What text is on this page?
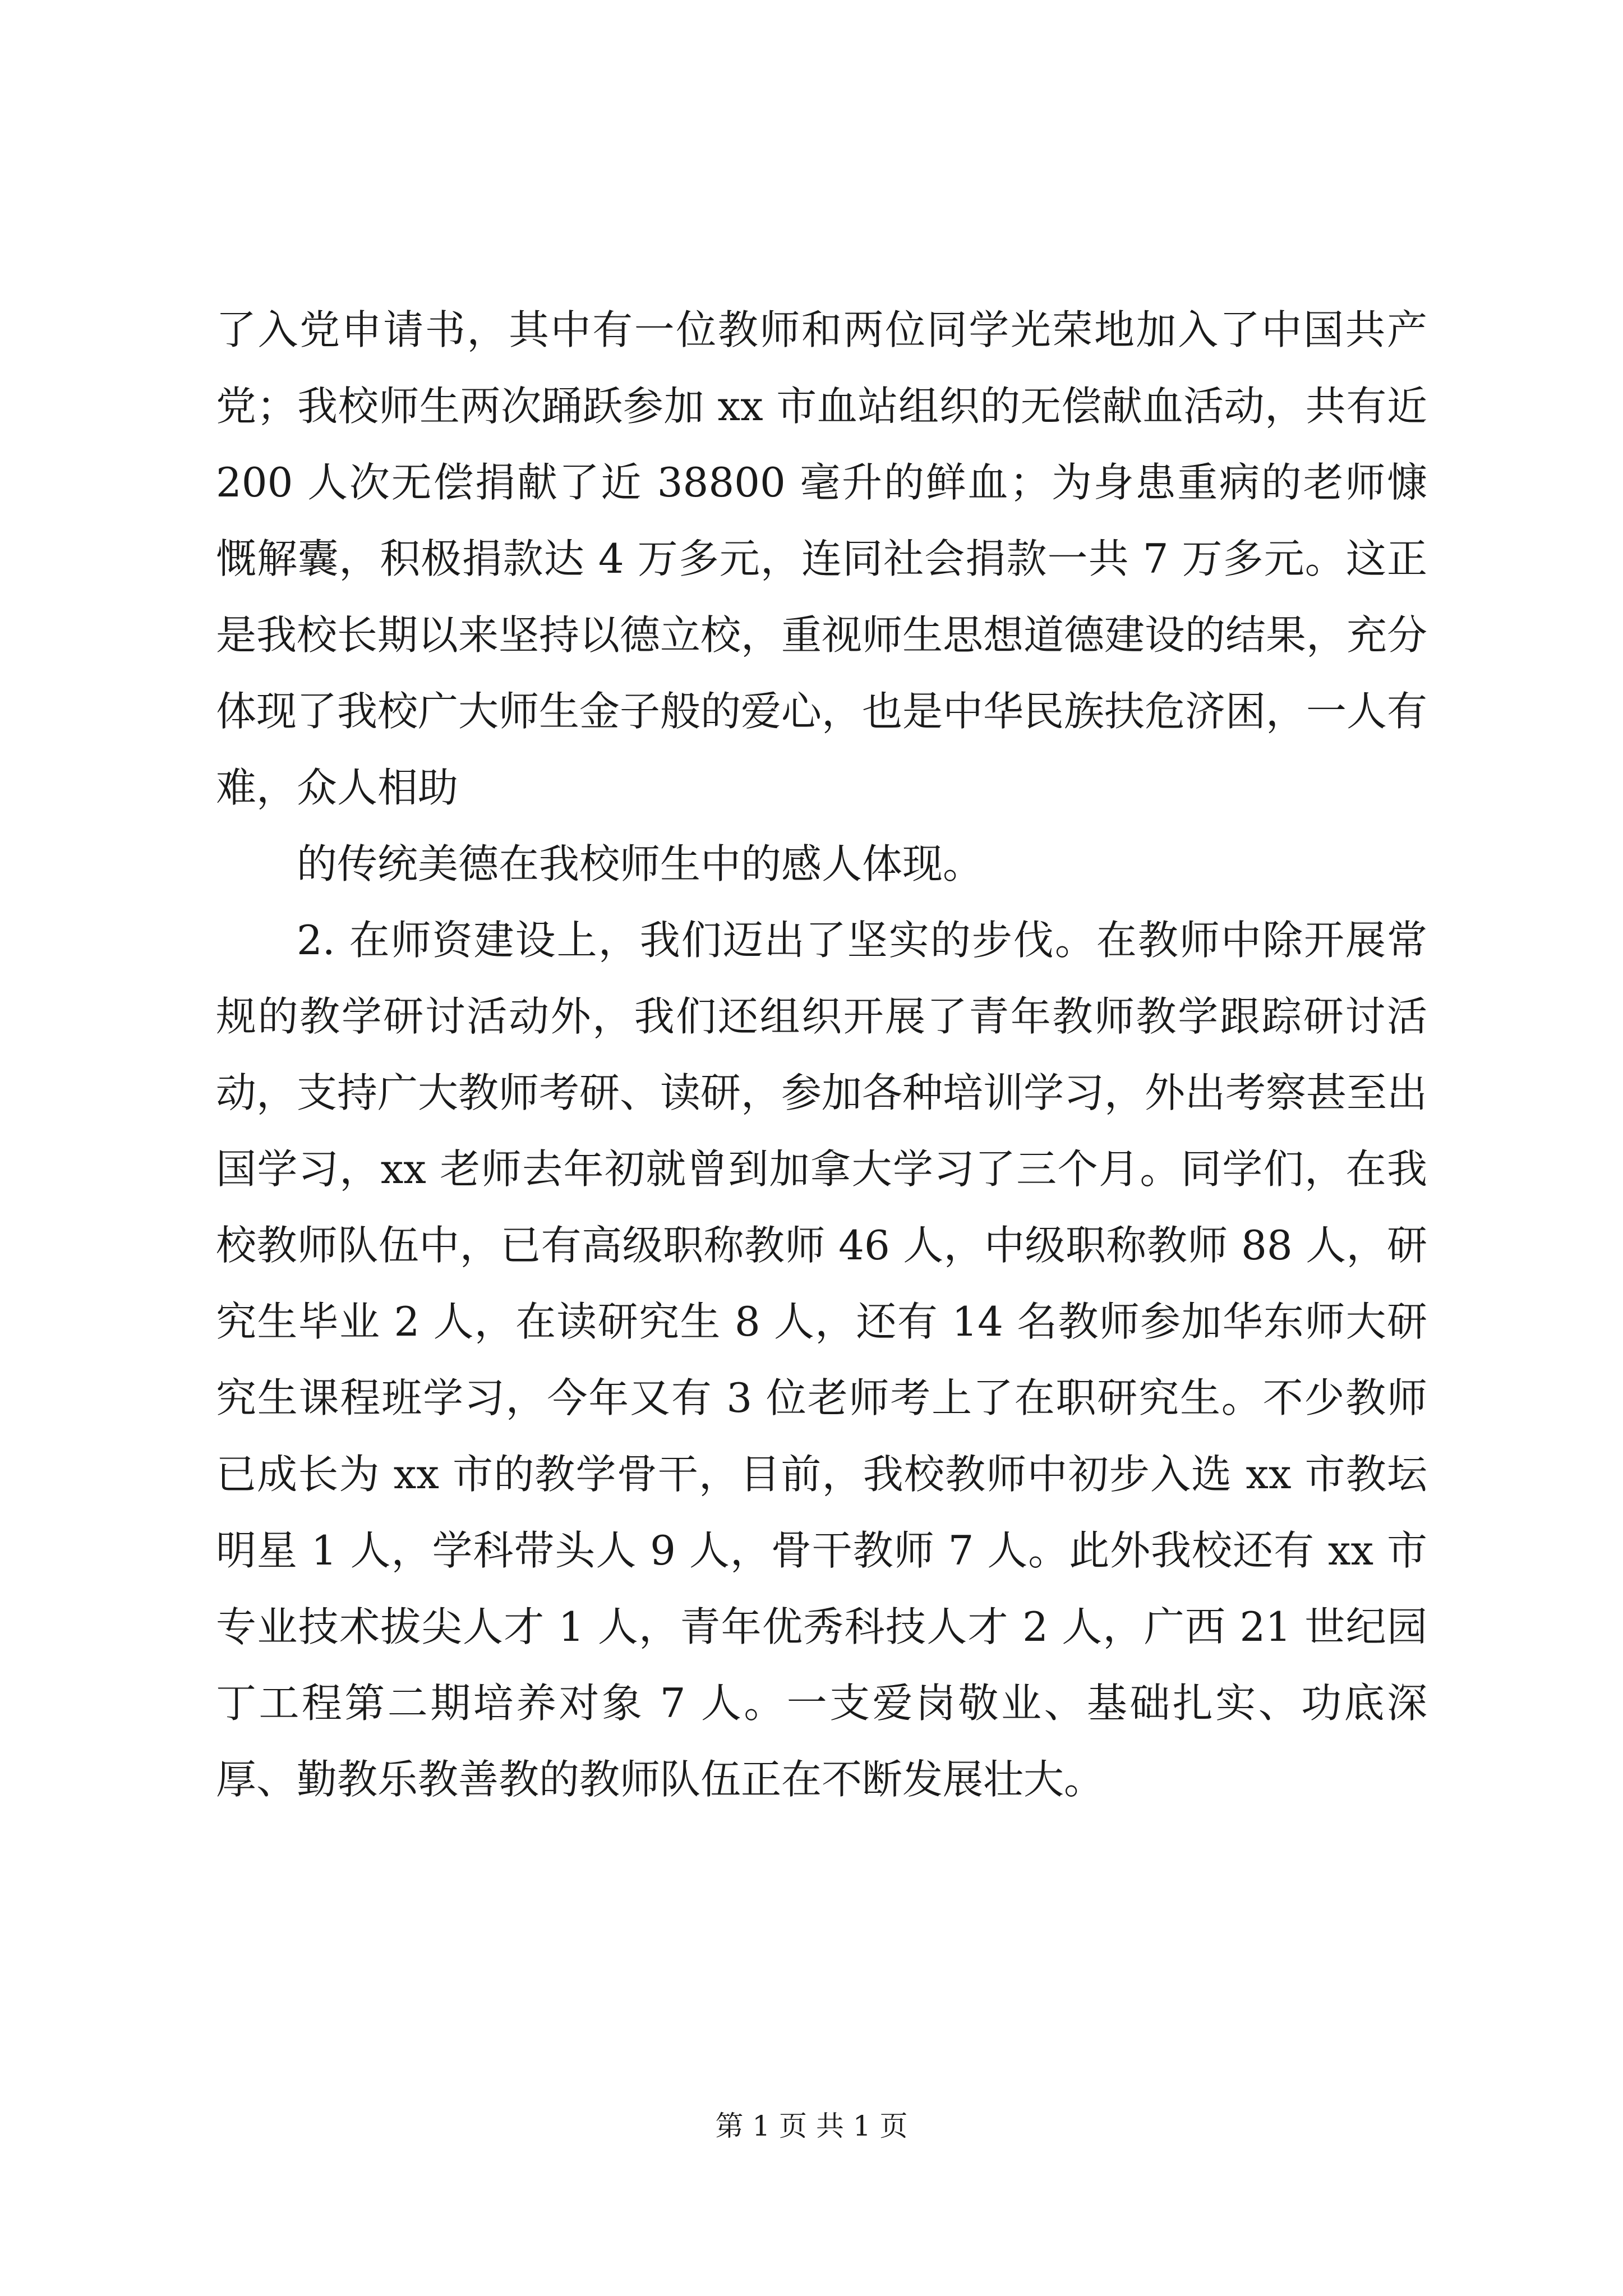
了入党申请书，其中有一位教师和两位同学光荣地加入了中国共产党；我校师生两次踊跃参加 xx 市血站组织的无偿献血活动，共有近 200 人次无偿捐献了近 38800 毫升的鲜血；为身患重病的老师慷慨解囊，积极捐款达 4 万多元，连同社会捐款一共 7 万多元。这正是我校长期以来坚持以德立校，重视师生思想道德建设的结果，充分体现了我校广大师生金子般的爱心，也是中华民族扶危济困，一人有难，众人相助

的传统美德在我校师生中的感人体现。

2. 在师资建设上，我们迈出了坚实的步伐。在教师中除开展常规的教学研讨活动外，我们还组织开展了青年教师教学跟踪研讨活动，支持广大教师考研、读研，参加各种培训学习，外出考察甚至出国学习，xx 老师去年初就曾到加拿大学习了三个月。同学们，在我校教师队伍中，已有高级职称教师 46 人，中级职称教师 88 人，研究生毕业 2 人，在读研究生 8 人，还有 14 名教师参加华东师大研究生课程班学习，今年又有 3 位老师考上了在职研究生。不少教师已成长为 xx 市的教学骨干，目前，我校教师中初步入选 xx 市教坛明星 1 人，学科带头人 9 人，骨干教师 7 人。此外我校还有 xx 市专业技术拔尖人才 1 人，青年优秀科技人才 2 人，广西 21 世纪园丁工程第二期培养对象 7 人。一支爱岗敬业、基础扎实、功底深厚、勤教乐教善教的教师队伍正在不断发展壮大。

第 1 页 共 1 页
